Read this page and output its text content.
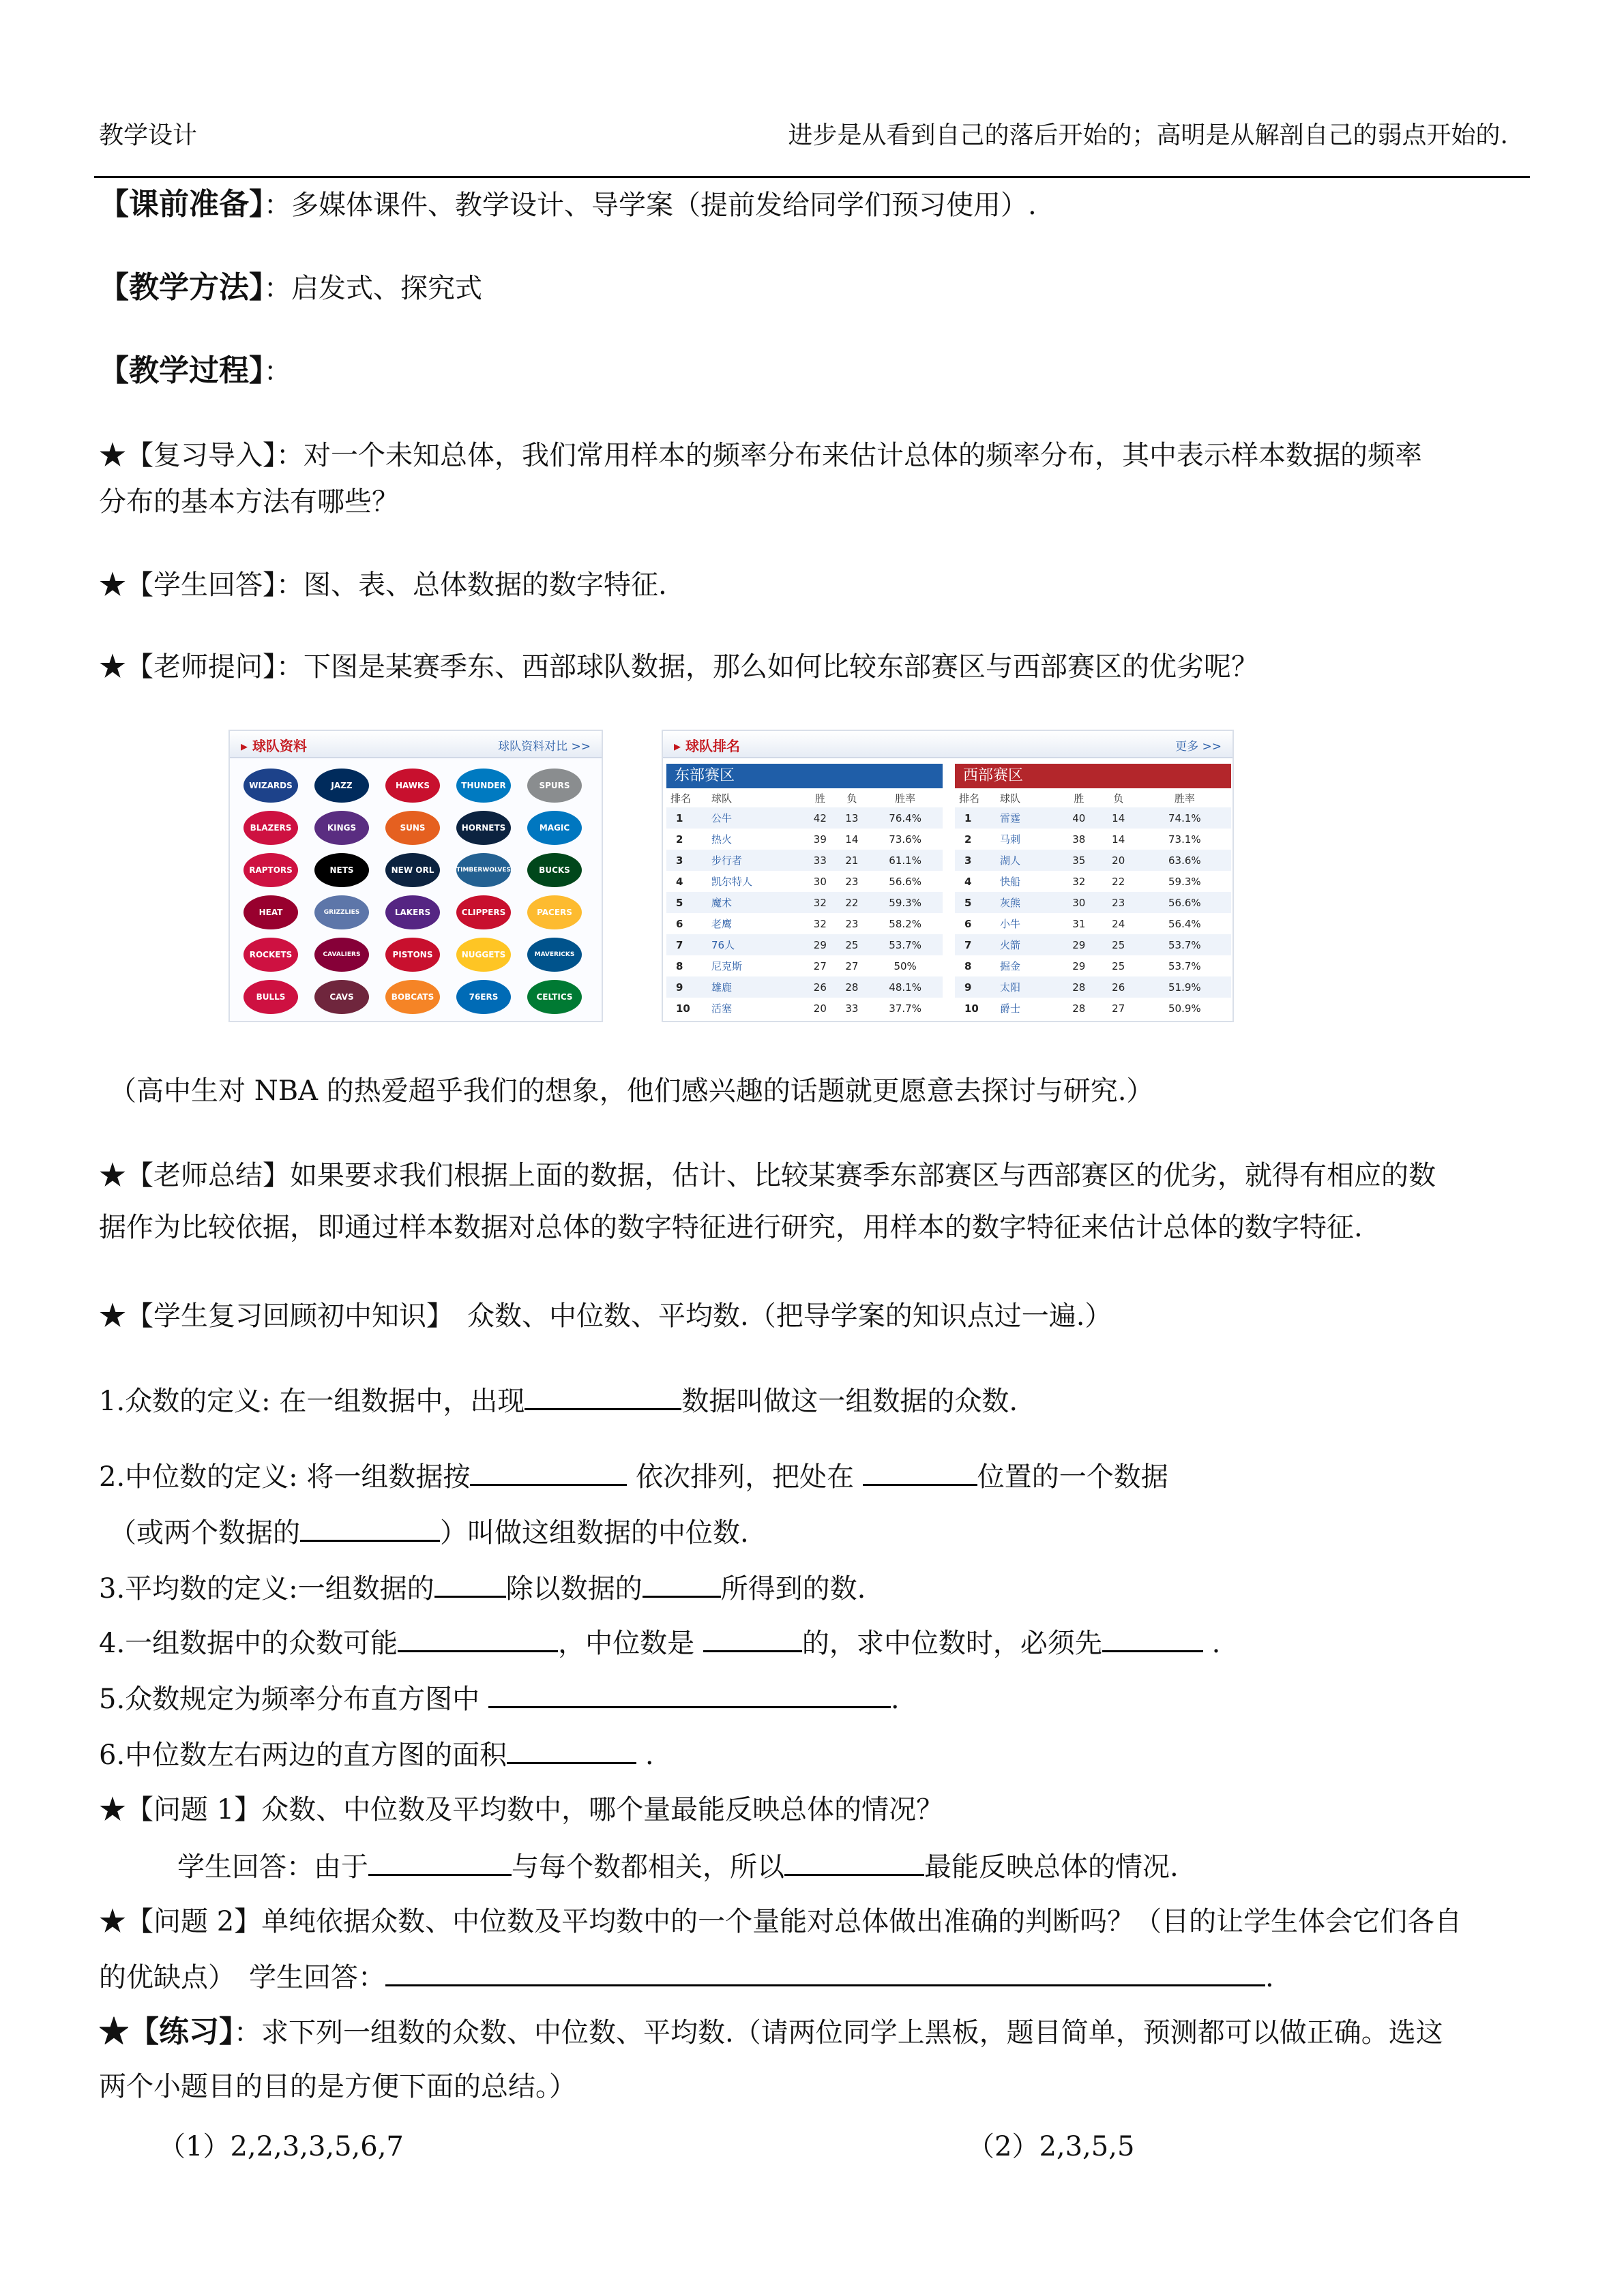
教学设计	进步是从看到自己的落后开始的；高明是从解剖自己的弱点开始的.
【课前准备】：多媒体课件、教学设计、导学案（提前发给同学们预习使用）.
【教学方法】：启发式、探究式
【教学过程】：
★【复习导入】：对一个未知总体，我们常用样本的频率分布来估计总体的频率分布，其中表示样本数据的频率
分布的基本方法有哪些？
★【学生回答】：图、表、总体数据的数字特征.
★【老师提问】：下图是某赛季东、西部球队数据，那么如何比较东部赛区与西部赛区的优劣呢？
▸ 球队资料	球队资料对比 >>
WIZARDS	JAZZ	HAWKS	THUNDER	SPURS
BLAZERS	KINGS	SUNS	HORNETS	MAGIC
RAPTORS	NETS	NEW ORL	TIMBERWOLVES	BUCKS
HEAT	GRIZZLIES	LAKERS	CLIPPERS	PACERS
ROCKETS	CAVALIERS	PISTONS	NUGGETS	MAVERICKS
BULLS	CAVS	BOBCATS	76ERS	CELTICS
▸ 球队排名	更多 >>
东部赛区
排名	球队	胜	负	胜率
1	公牛	42	13	76.4%
2	热火	39	14	73.6%
3	步行者	33	21	61.1%
4	凯尔特人	30	23	56.6%
5	魔术	32	22	59.3%
6	老鹰	32	23	58.2%
7	76人	29	25	53.7%
8	尼克斯	27	27	50%
9	雄鹿	26	28	48.1%
10	活塞	20	33	37.7%
西部赛区
排名	球队	胜	负	胜率
1	雷霆	40	14	74.1%
2	马刺	38	14	73.1%
3	湖人	35	20	63.6%
4	快船	32	22	59.3%
5	灰熊	30	23	56.6%
6	小牛	31	24	56.4%
7	火箭	29	25	53.7%
8	掘金	29	25	53.7%
9	太阳	28	26	51.9%
10	爵士	28	27	50.9%
（高中生对 NBA 的热爱超乎我们的想象，他们感兴趣的话题就更愿意去探讨与研究.）
★【老师总结】如果要求我们根据上面的数据，估计、比较某赛季东部赛区与西部赛区的优劣，就得有相应的数
据作为比较依据，即通过样本数据对总体的数字特征进行研究，用样本的数字特征来估计总体的数字特征.
★【学生复习回顾初中知识】　众数、中位数、平均数.（把导学案的知识点过一遍.）
1.众数的定义: 在一组数据中，出现	数据叫做这一组数据的众数.
2.中位数的定义: 将一组数据按	依次排列，把处在	位置的一个数据
（或两个数据的	）叫做这组数据的中位数.
3.平均数的定义:一组数据的	除以数据的	所得到的数.
4.一组数据中的众数可能	，中位数是	的，求中位数时，必须先	.
5.众数规定为频率分布直方图中	.
6.中位数左右两边的直方图的面积	.
★【问题 1】众数、中位数及平均数中，哪个量最能反映总体的情况？
学生回答：由于	与每个数都相关，所以	最能反映总体的情况.
★【问题 2】单纯依据众数、中位数及平均数中的一个量能对总体做出准确的判断吗？（目的让学生体会它们各自
的优缺点）　学生回答：	.
★【练习】：求下列一组数的众数、中位数、平均数.（请两位同学上黑板，题目简单，预测都可以做正确。选这
两个小题目的目的是方便下面的总结。）
（1）2,2,3,3,5,6,7	（2）2,3,5,5
